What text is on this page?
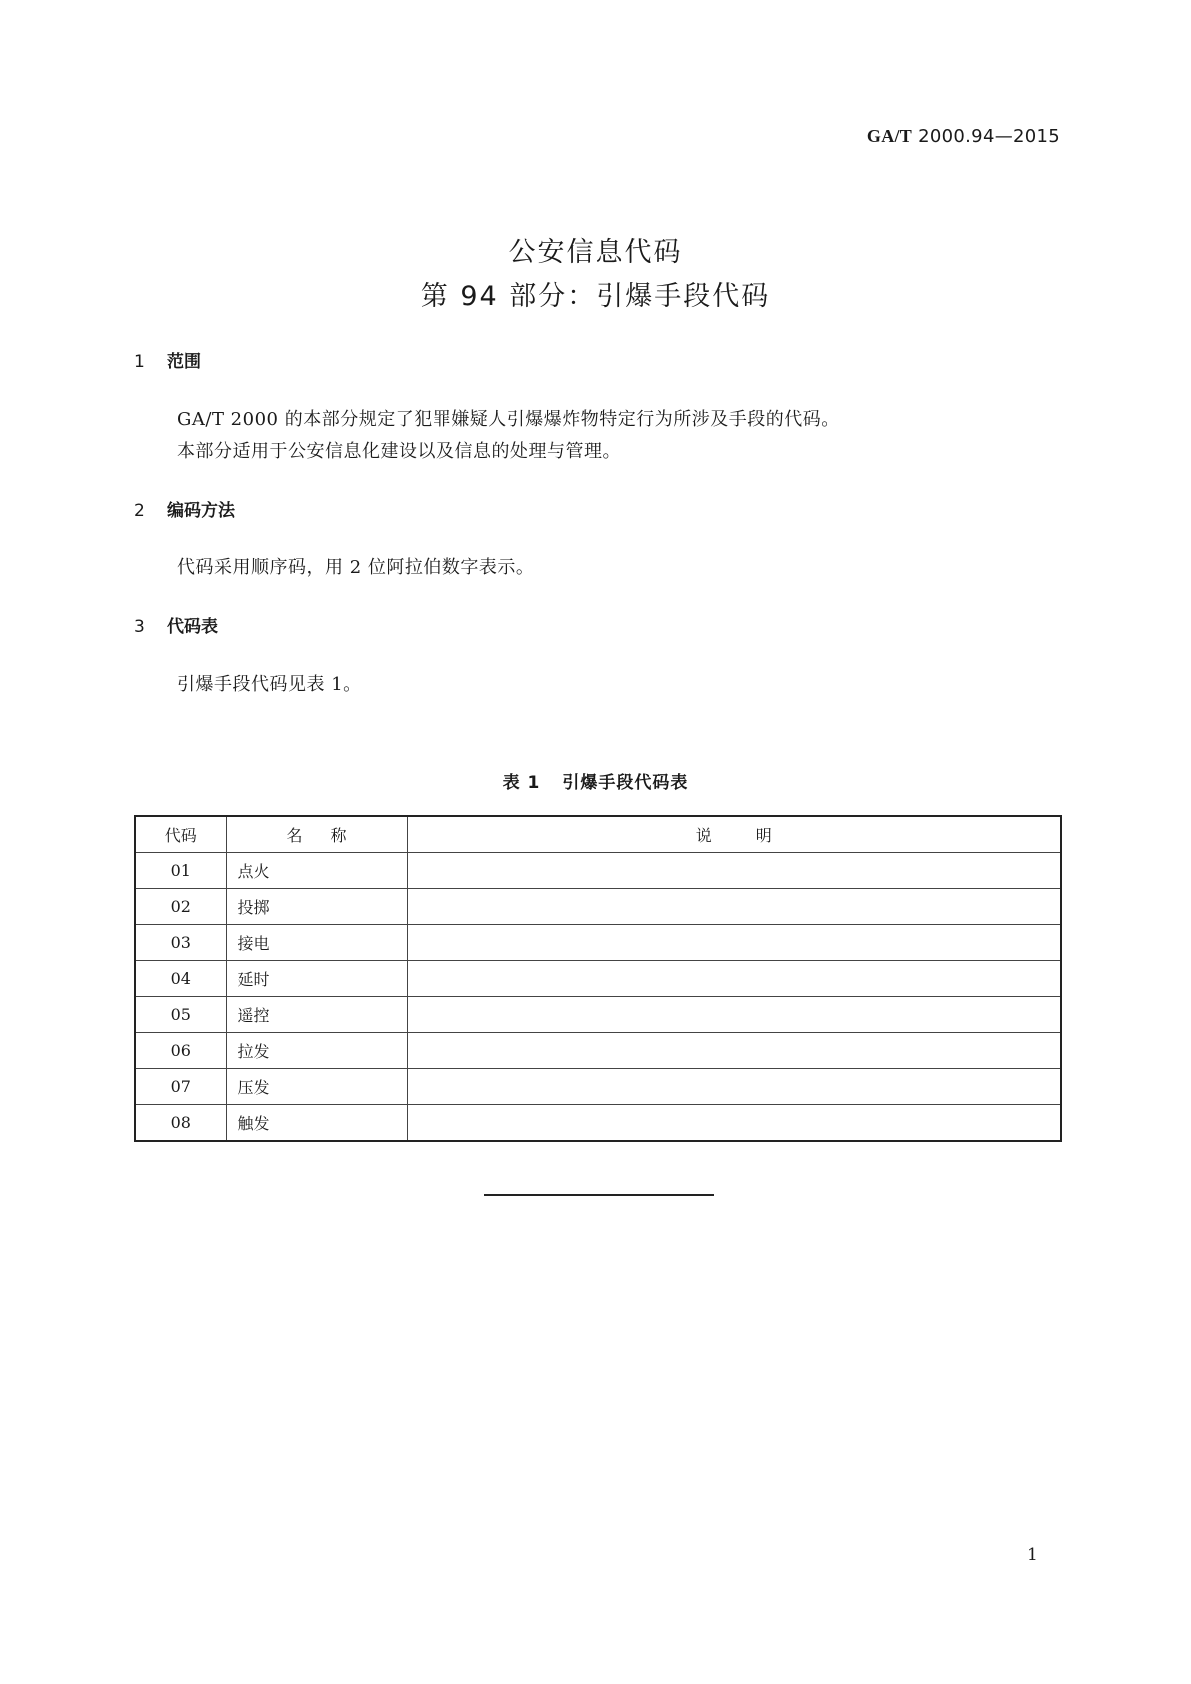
GA/T 2000.94—2015
公安信息代码
第 94 部分：引爆手段代码
1 范围
GA/T 2000 的本部分规定了犯罪嫌疑人引爆爆炸物特定行为所涉及手段的代码。
本部分适用于公安信息化建设以及信息的处理与管理。
2 编码方法
代码采用顺序码，用 2 位阿拉伯数字表示。
3 代码表
引爆手段代码见表 1。
表 1 引爆手段代码表
代码	名称	说明
01	点火	
02	投掷	
03	接电	
04	延时	
05	遥控	
06	拉发	
07	压发	
08	触发	
1
